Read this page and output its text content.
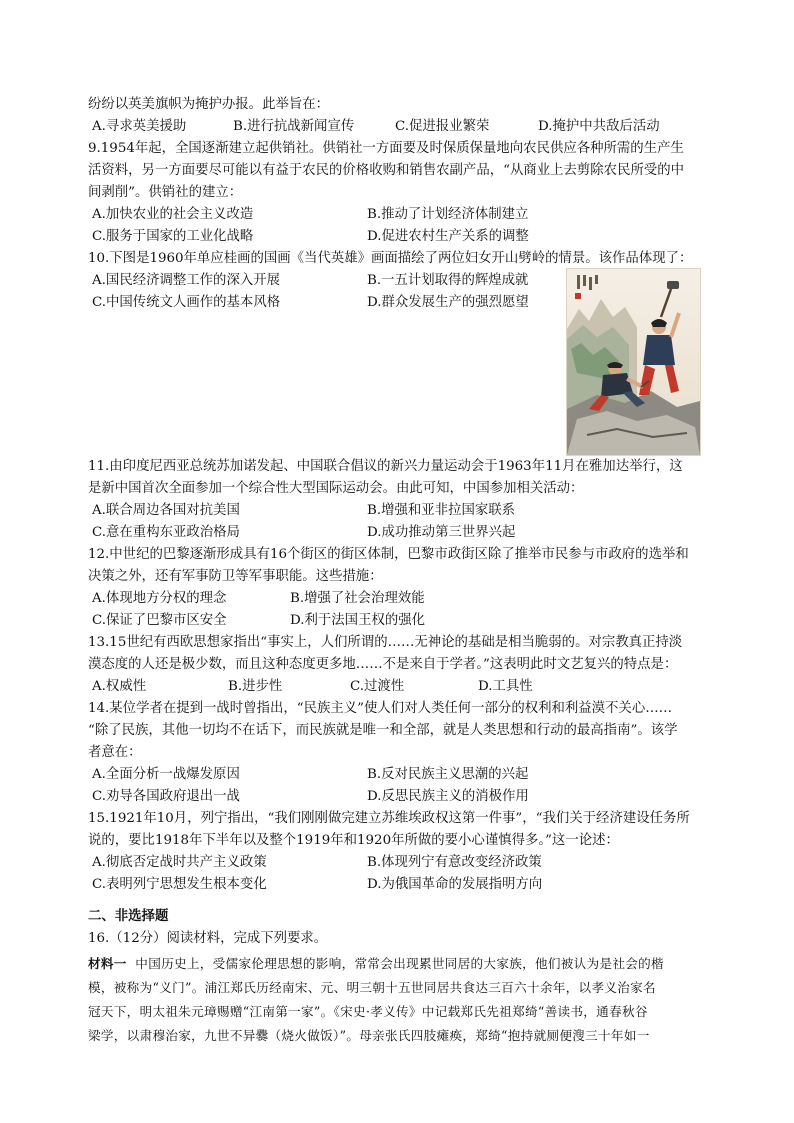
纷纷以英美旗帜为掩护办报。此举旨在：
A.寻求英美援助	B.进行抗战新闻宣传	C.促进报业繁荣	D.掩护中共敌后活动
9.1954年起，全国逐渐建立起供销社。供销社一方面要及时保质保量地向农民供应各种所需的生产生
活资料，另一方面要尽可能以有益于农民的价格收购和销售农副产品，“从商业上去剪除农民所受的中
间剥削”。供销社的建立：
A.加快农业的社会主义改造	B.推动了计划经济体制建立
C.服务于国家的工业化战略	D.促进农村生产关系的调整
10.下图是1960年单应桂画的国画《当代英雄》画面描绘了两位妇女开山劈岭的情景。该作品体现了：
A.国民经济调整工作的深入开展	B.一五计划取得的辉煌成就
C.中国传统文人画作的基本风格	D.群众发展生产的强烈愿望
11.由印度尼西亚总统苏加诺发起、中国联合倡议的新兴力量运动会于1963年11月在雅加达举行，这
是新中国首次全面参加一个综合性大型国际运动会。由此可知，中国参加相关活动：
A.联合周边各国对抗美国	B.增强和亚非拉国家联系
C.意在重构东亚政治格局	D.成功推动第三世界兴起
12.中世纪的巴黎逐渐形成具有16个街区的街区体制，巴黎市政街区除了推举市民参与市政府的选举和
决策之外，还有军事防卫等军事职能。这些措施：
A.体现地方分权的理念	B.增强了社会治理效能
C.保证了巴黎市区安全	D.利于法国王权的强化
13.15世纪有西欧思想家指出“事实上，人们所谓的……无神论的基础是相当脆弱的。对宗教真正持淡
漠态度的人还是极少数，而且这种态度更多地……不是来自于学者。”这表明此时文艺复兴的特点是：
A.权威性	B.进步性	C.过渡性	D.工具性
14.某位学者在提到一战时曾指出，“民族主义”使人们对人类任何一部分的权利和利益漠不关心……
“除了民族，其他一切均不在话下，而民族就是唯一和全部，就是人类思想和行动的最高指南”。该学
者意在：
A.全面分析一战爆发原因	B.反对民族主义思潮的兴起
C.劝导各国政府退出一战	D.反思民族主义的消极作用
15.1921年10月，列宁指出，“我们刚刚做完建立苏维埃政权这第一件事”，“我们关于经济建设任务所
说的，要比1918年下半年以及整个1919年和1920年所做的要小心谨慎得多。”这一论述：
A.彻底否定战时共产主义政策	B.体现列宁有意改变经济政策
C.表明列宁思想发生根本变化	D.为俄国革命的发展指明方向
二、非选择题
16.（12分）阅读材料，完成下列要求。
材料一 中国历史上，受儒家伦理思想的影响，常常会出现累世同居的大家族，他们被认为是社会的楷
模，被称为“义门”。浦江郑氏历经南宋、元、明三朝十五世同居共食达三百六十余年，以孝义治家名
冠天下，明太祖朱元璋赐赠“江南第一家”。《宋史·孝义传》中记载郑氏先祖郑绮“善读书，通春秋谷
梁学，以肃穆治家，九世不异爨（烧火做饭）”。母亲张氏四肢瘫痪，郑绮“抱持就厕便溲三十年如一
